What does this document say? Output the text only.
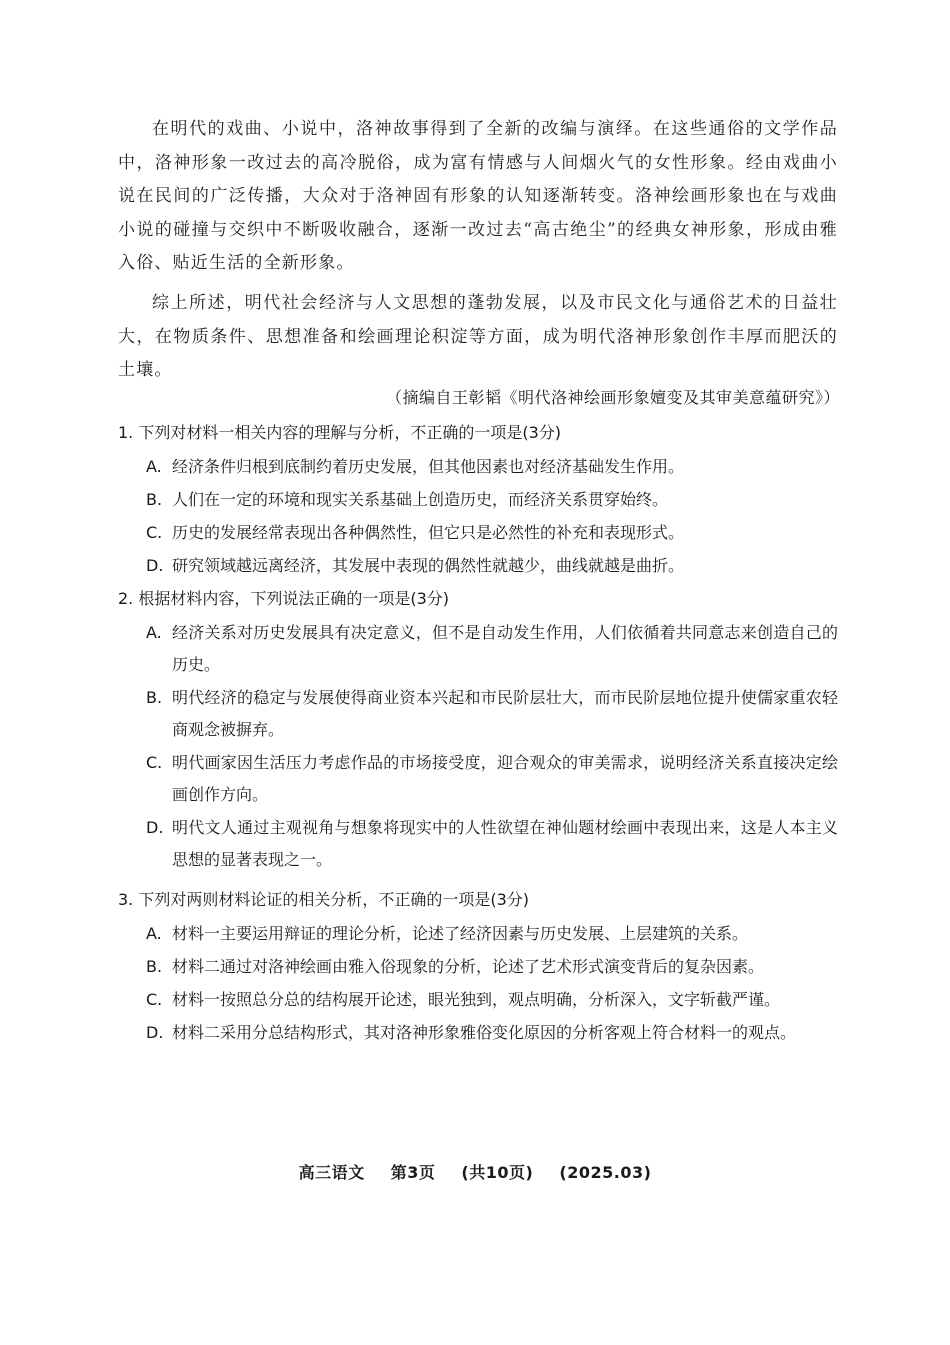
在明代的戏曲、小说中，洛神故事得到了全新的改编与演绎。在这些通俗的文学作品中，洛神形象一改过去的高冷脱俗，成为富有情感与人间烟火气的女性形象。经由戏曲小说在民间的广泛传播，大众对于洛神固有形象的认知逐渐转变。洛神绘画形象也在与戏曲小说的碰撞与交织中不断吸收融合，逐渐一改过去“高古绝尘”的经典女神形象，形成由雅入俗、贴近生活的全新形象。
综上所述，明代社会经济与人文思想的蓬勃发展，以及市民文化与通俗艺术的日益壮大，在物质条件、思想准备和绘画理论积淀等方面，成为明代洛神形象创作丰厚而肥沃的土壤。
（摘编自王彰韬《明代洛神绘画形象嬗变及其审美意蕴研究》）
1. 下列对材料一相关内容的理解与分析，不正确的一项是(3分)
A. 经济条件归根到底制约着历史发展，但其他因素也对经济基础发生作用。
B. 人们在一定的环境和现实关系基础上创造历史，而经济关系贯穿始终。
C. 历史的发展经常表现出各种偶然性，但它只是必然性的补充和表现形式。
D. 研究领域越远离经济，其发展中表现的偶然性就越少，曲线就越是曲折。
2. 根据材料内容，下列说法正确的一项是(3分)
A. 经济关系对历史发展具有决定意义，但不是自动发生作用，人们依循着共同意志来创造自己的历史。
B. 明代经济的稳定与发展使得商业资本兴起和市民阶层壮大，而市民阶层地位提升使儒家重农轻商观念被摒弃。
C. 明代画家因生活压力考虑作品的市场接受度，迎合观众的审美需求，说明经济关系直接决定绘画创作方向。
D. 明代文人通过主观视角与想象将现实中的人性欲望在神仙题材绘画中表现出来，这是人本主义思想的显著表现之一。
3. 下列对两则材料论证的相关分析，不正确的一项是(3分)
A. 材料一主要运用辩证的理论分析，论述了经济因素与历史发展、上层建筑的关系。
B. 材料二通过对洛神绘画由雅入俗现象的分析，论述了艺术形式演变背后的复杂因素。
C. 材料一按照总分总的结构展开论述，眼光独到，观点明确，分析深入，文字斩截严谨。
D. 材料二采用分总结构形式，其对洛神形象雅俗变化原因的分析客观上符合材料一的观点。
高三语文 第3页 (共10页) (2025.03)
